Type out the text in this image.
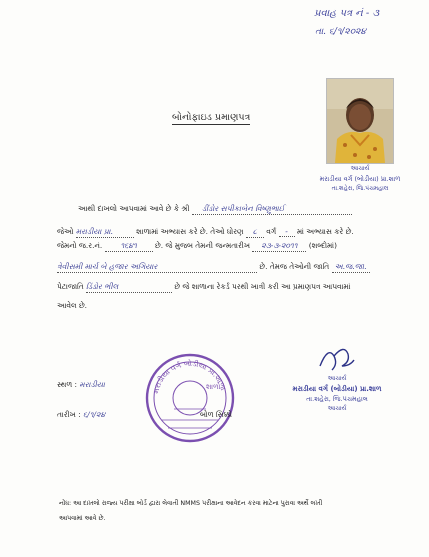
પ્રવાહ પત્ર નં - ૩
તા. ૬/૧/૨૦૨૪
બોનોફાઇડ પ્રમાણપત્ર
આચાર્ય
મરાડીયા વર્ગ (બોડીયા) પ્રા.શાળ
તા.શહેરા, જિ.પંચમહાલ
આથી દાખલો આપવામાં આવે છે કે શ્રી ડીંડોર સપીકાબેન વિષ્ણુભાઈ
જેઓ મરાડીયા પ્રા.	શાળામાં અભ્યાસ કરે છે. તેઓ ધોરણ ૮ વર્ગ - માં અભ્યાસ કરે છે.
જેમનો જ.ર.નં. ૧૬૪૧ છે. જે મુજબ તેમની જન્મતારીખ ૨૩-૩-૨૦૧૧ (શબ્દોમાં)
ત્રેવીસમી માર્ચ બે હજાર અગિયાર	છે. તેમજ તેઓની જાતિ અ.જ.જા.
પેટાજાતિ ડિંડોર ભીલ	છે જે શાળાના રેકર્ડ પરથી ખાત્રી કરી આ પ્રમાણપત્ર આપવામાં
આવેલ છે.
આચાર્ય
મરાડીયા વર્ગ (બોડીયા) પ્રા.શાળ
તા.શહેરા, જિ.પંચમહાલ
આચાર્ય
મરાડીયા વર્ગ બોડીયા પ્રા.શાળા
શાળો
સ્થળ : મરાડીયા
તારીખ : ૬/૧/૨૪	બોળ સિક્કો
નોંધ: આ દાખલો રાજ્ય પરીક્ષા બોર્ડ દ્વારા લેવાતી NMMS પરીક્ષાના આવેદન કરવા માટેના પુરાવા અર્થે લખી
આપવામાં આવે છે.
